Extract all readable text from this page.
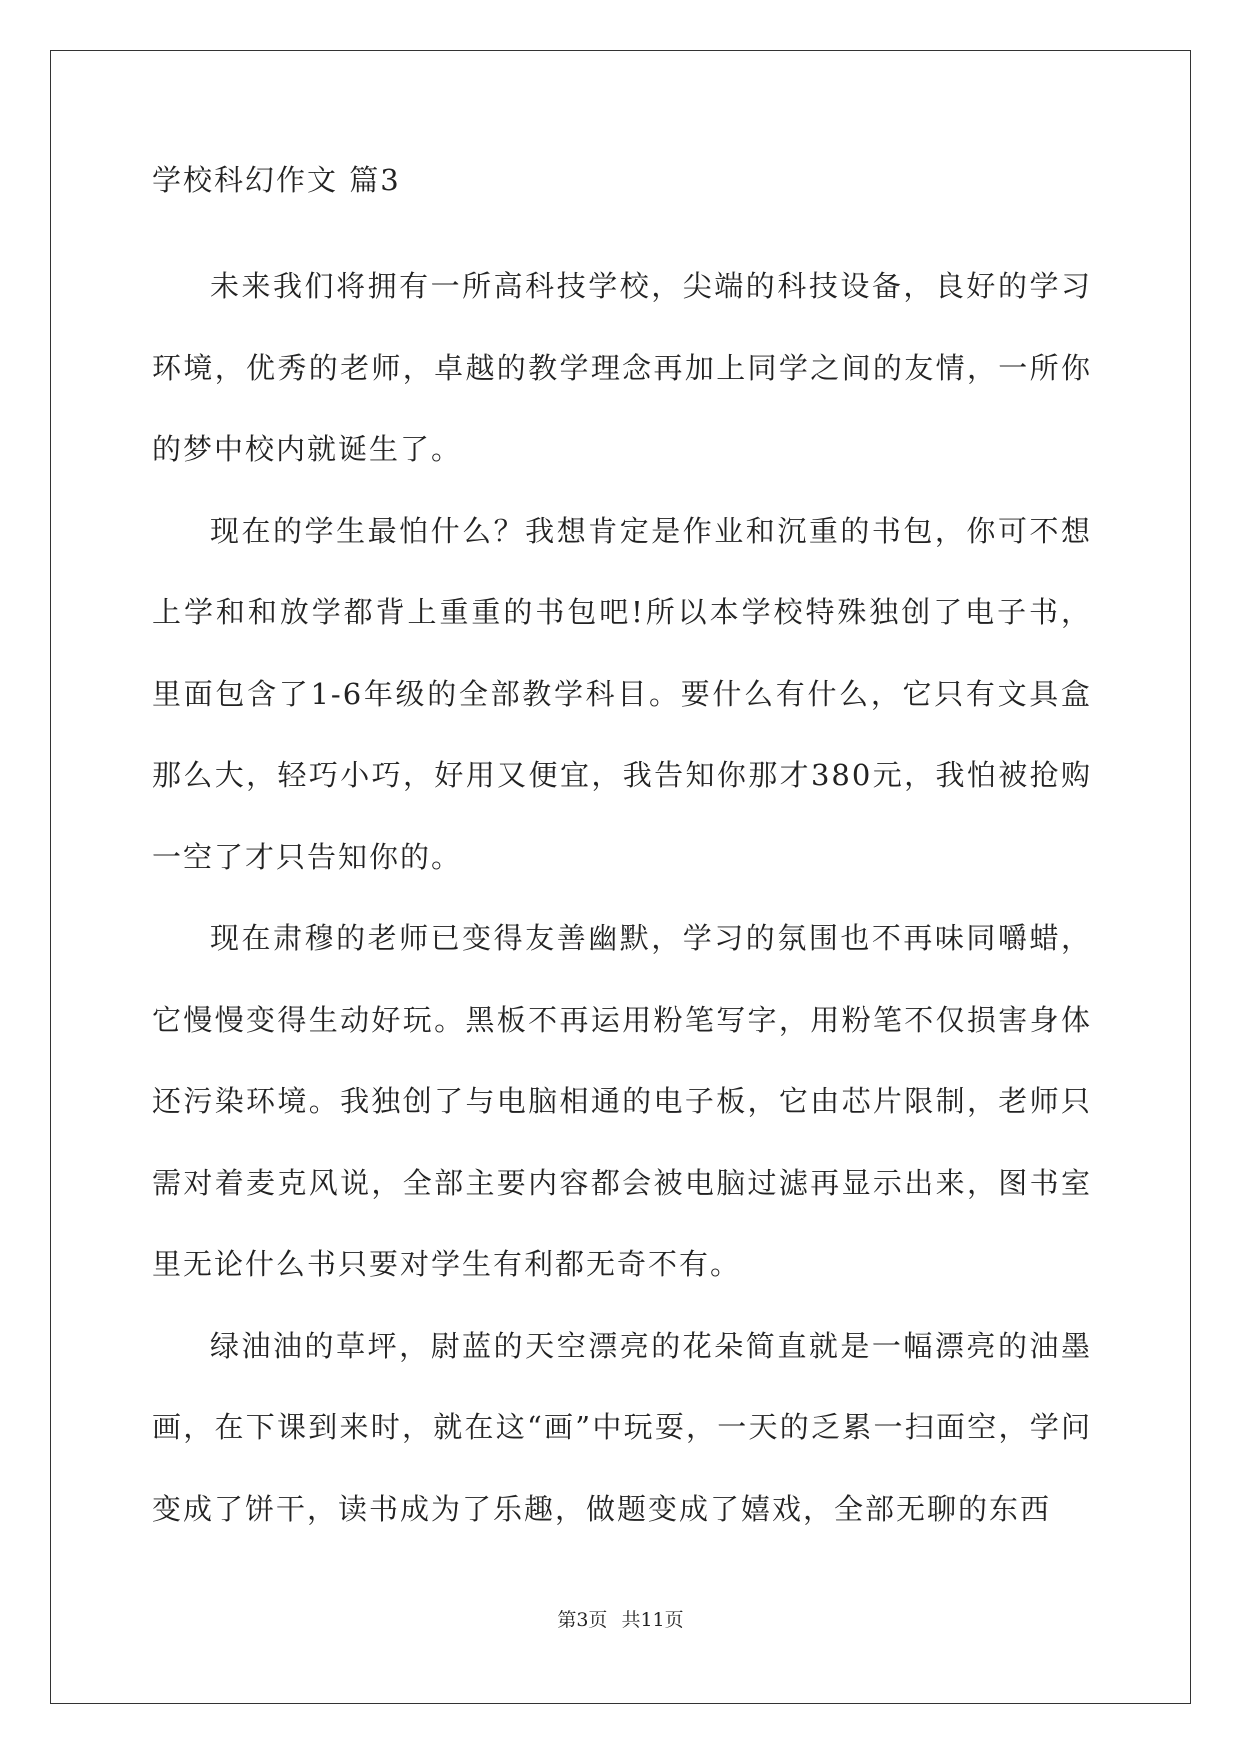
学校科幻作文 篇3

未来我们将拥有一所高科技学校，尖端的科技设备，良好的学习环境，优秀的老师，卓越的教学理念再加上同学之间的友情，一所你的梦中校内就诞生了。

现在的学生最怕什么？我想肯定是作业和沉重的书包，你可不想上学和和放学都背上重重的书包吧!所以本学校特殊独创了电子书，里面包含了1-6年级的全部教学科目。要什么有什么，它只有文具盒那么大，轻巧小巧，好用又便宜，我告知你那才380元，我怕被抢购一空了才只告知你的。

现在肃穆的老师已变得友善幽默，学习的氛围也不再味同嚼蜡，它慢慢变得生动好玩。黑板不再运用粉笔写字，用粉笔不仅损害身体还污染环境。我独创了与电脑相通的电子板，它由芯片限制，老师只需对着麦克风说，全部主要内容都会被电脑过滤再显示出来，图书室里无论什么书只要对学生有利都无奇不有。

绿油油的草坪，尉蓝的天空漂亮的花朵简直就是一幅漂亮的油墨画，在下课到来时，就在这“画”中玩耍，一天的乏累一扫面空，学问变成了饼干，读书成为了乐趣，做题变成了嬉戏，全部无聊的东西

第3页 共11页
